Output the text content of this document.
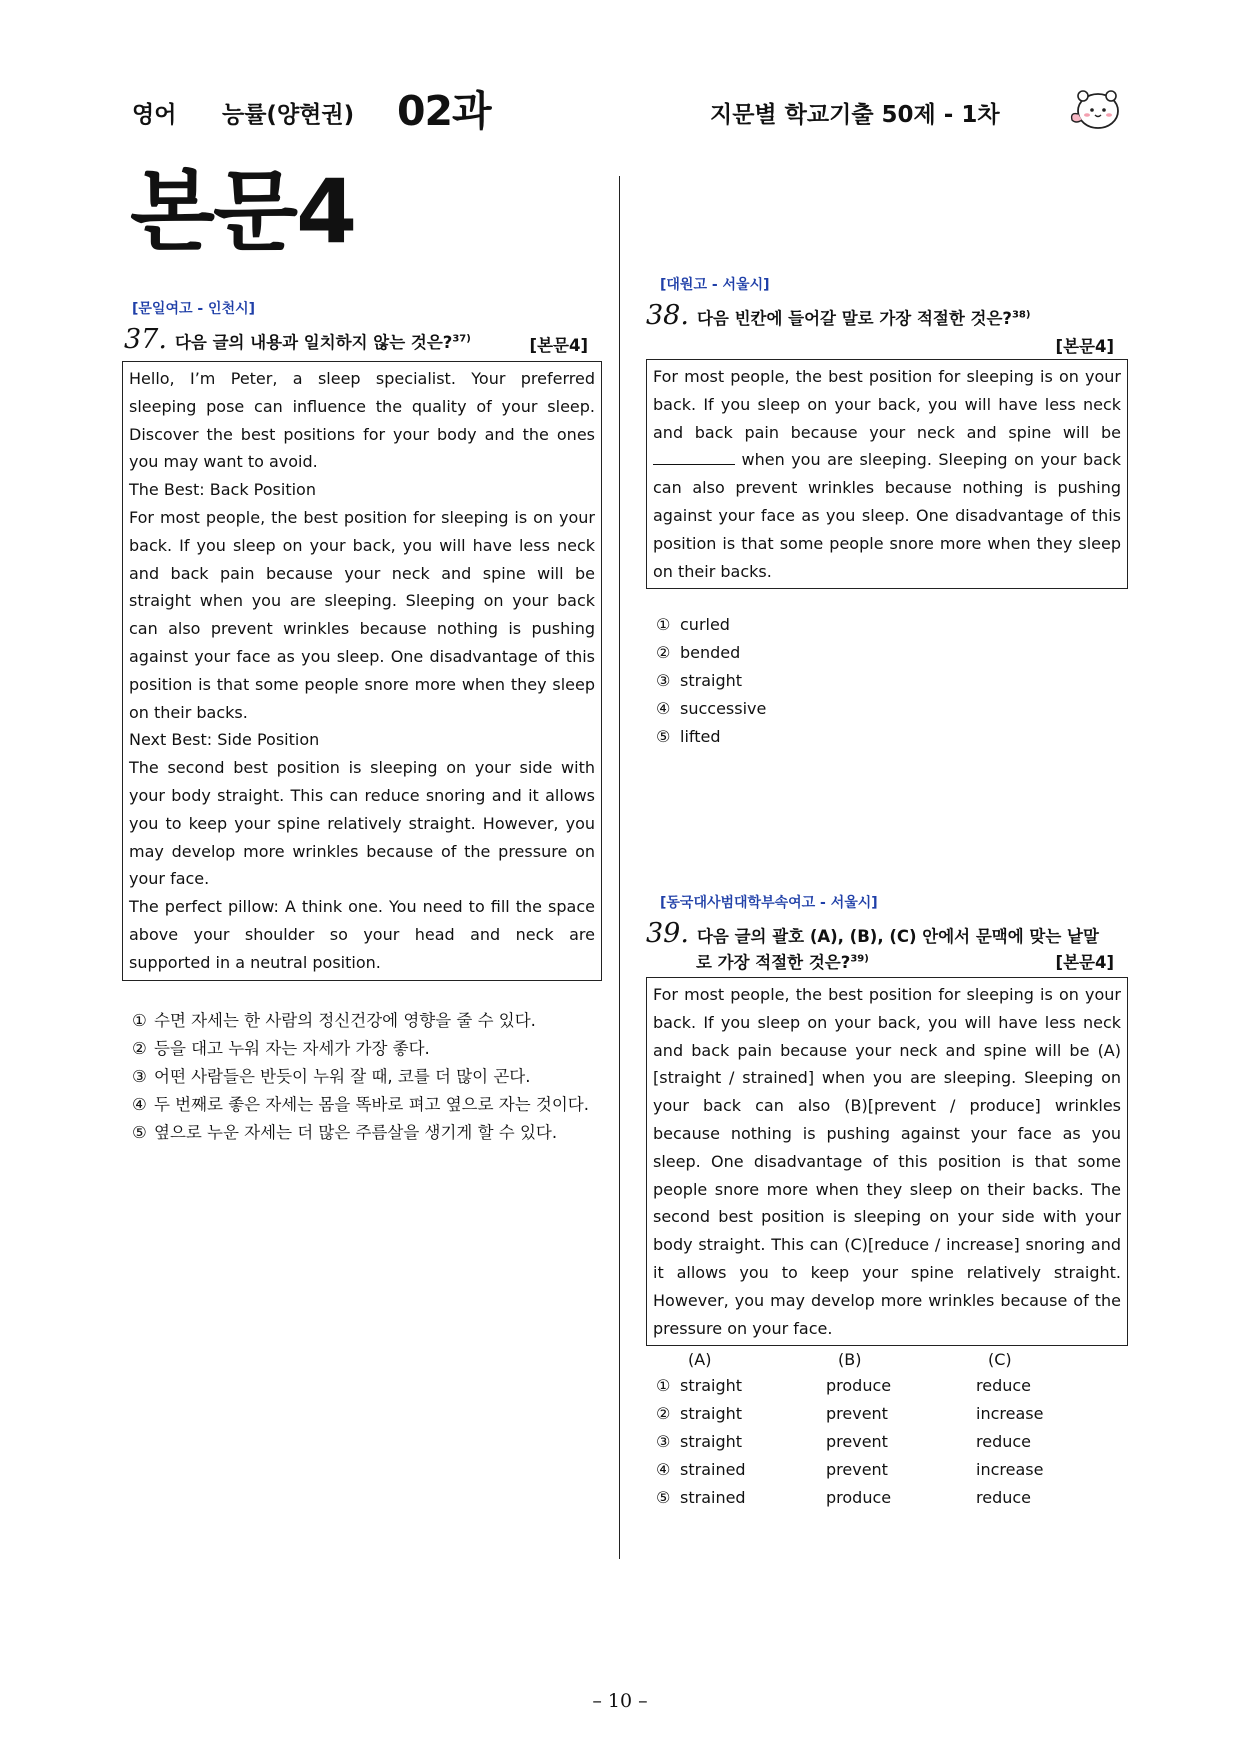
영어 능률(양현권) 02과	지문별 학교기출 50제 - 1차
본문4
[문일여고 - 인천시]
37. 다음 글의 내용과 일치하지 않는 것은?$^{37)}$	[본문4]

Hello, I’m Peter, a sleep specialist. Your preferred sleeping pose can influence the quality of your sleep. Discover the best positions for your body and the ones you may want to avoid.

The Best: Back Position

For most people, the best position for sleeping is on your back. If you sleep on your back, you will have less neck and back pain because your neck and spine will be straight when you are sleeping. Sleeping on your back can also prevent wrinkles because nothing is pushing against your face as you sleep. One disadvantage of this position is that some people snore more when they sleep on their backs.

Next Best: Side Position

The second best position is sleeping on your side with your body straight. This can reduce snoring and it allows you to keep your spine relatively straight. However, you may develop more wrinkles because of the pressure on your face.

The perfect pillow: A think one. You need to fill the space above your shoulder so your head and neck are supported in a neutral position.

① 수면 자세는 한 사람의 정신건강에 영향을 줄 수 있다.
② 등을 대고 누워 자는 자세가 가장 좋다.
③ 어떤 사람들은 반듯이 누워 잘 때, 코를 더 많이 곤다.
④ 두 번째로 좋은 자세는 몸을 똑바로 펴고 옆으로 자는 것이다.
⑤ 옆으로 누운 자세는 더 많은 주름살을 생기게 할 수 있다.
[대원고 - 서울시]
38. 다음 빈칸에 들어갈 말로 가장 적절한 것은?$^{38)}$
[본문4]
For most people, the best position for sleeping is on your back. If you sleep on your back, you will have less neck and back pain because your neck and spine will be  when you are sleeping. Sleeping on your back can also prevent wrinkles because nothing is pushing against your face as you sleep. One disadvantage of this position is that some people snore more when they sleep on their backs.
① curled
② bended
③ straight
④ successive
⑤ lifted
[동국대사범대학부속여고 - 서울시]
39. 다음 글의 괄호 (A), (B), (C) 안에서 문맥에 맞는 낱말
로 가장 적절한 것은?$^{39)}$	[본문4]

For most people, the best position for sleeping is on your back. If you sleep on your back, you will have less neck and back pain because your neck and spine will be (A)[straight / strained] when you are sleeping. Sleeping on your back can also (B)[prevent / produce] wrinkles because nothing is pushing against your face as you sleep. One disadvantage of this position is that some people snore more when they sleep on their backs. The second best position is sleeping on your side with your body straight. This can (C)[reduce / increase] snoring and it allows you to keep your spine relatively straight. However, you may develop more wrinkles because of the pressure on your face.

(A)	(B)	(C)
① straight	produce	reduce
② straight	prevent	increase
③ straight	prevent	reduce
④ strained	prevent	increase
⑤ strained	produce	reduce
– 10 –
